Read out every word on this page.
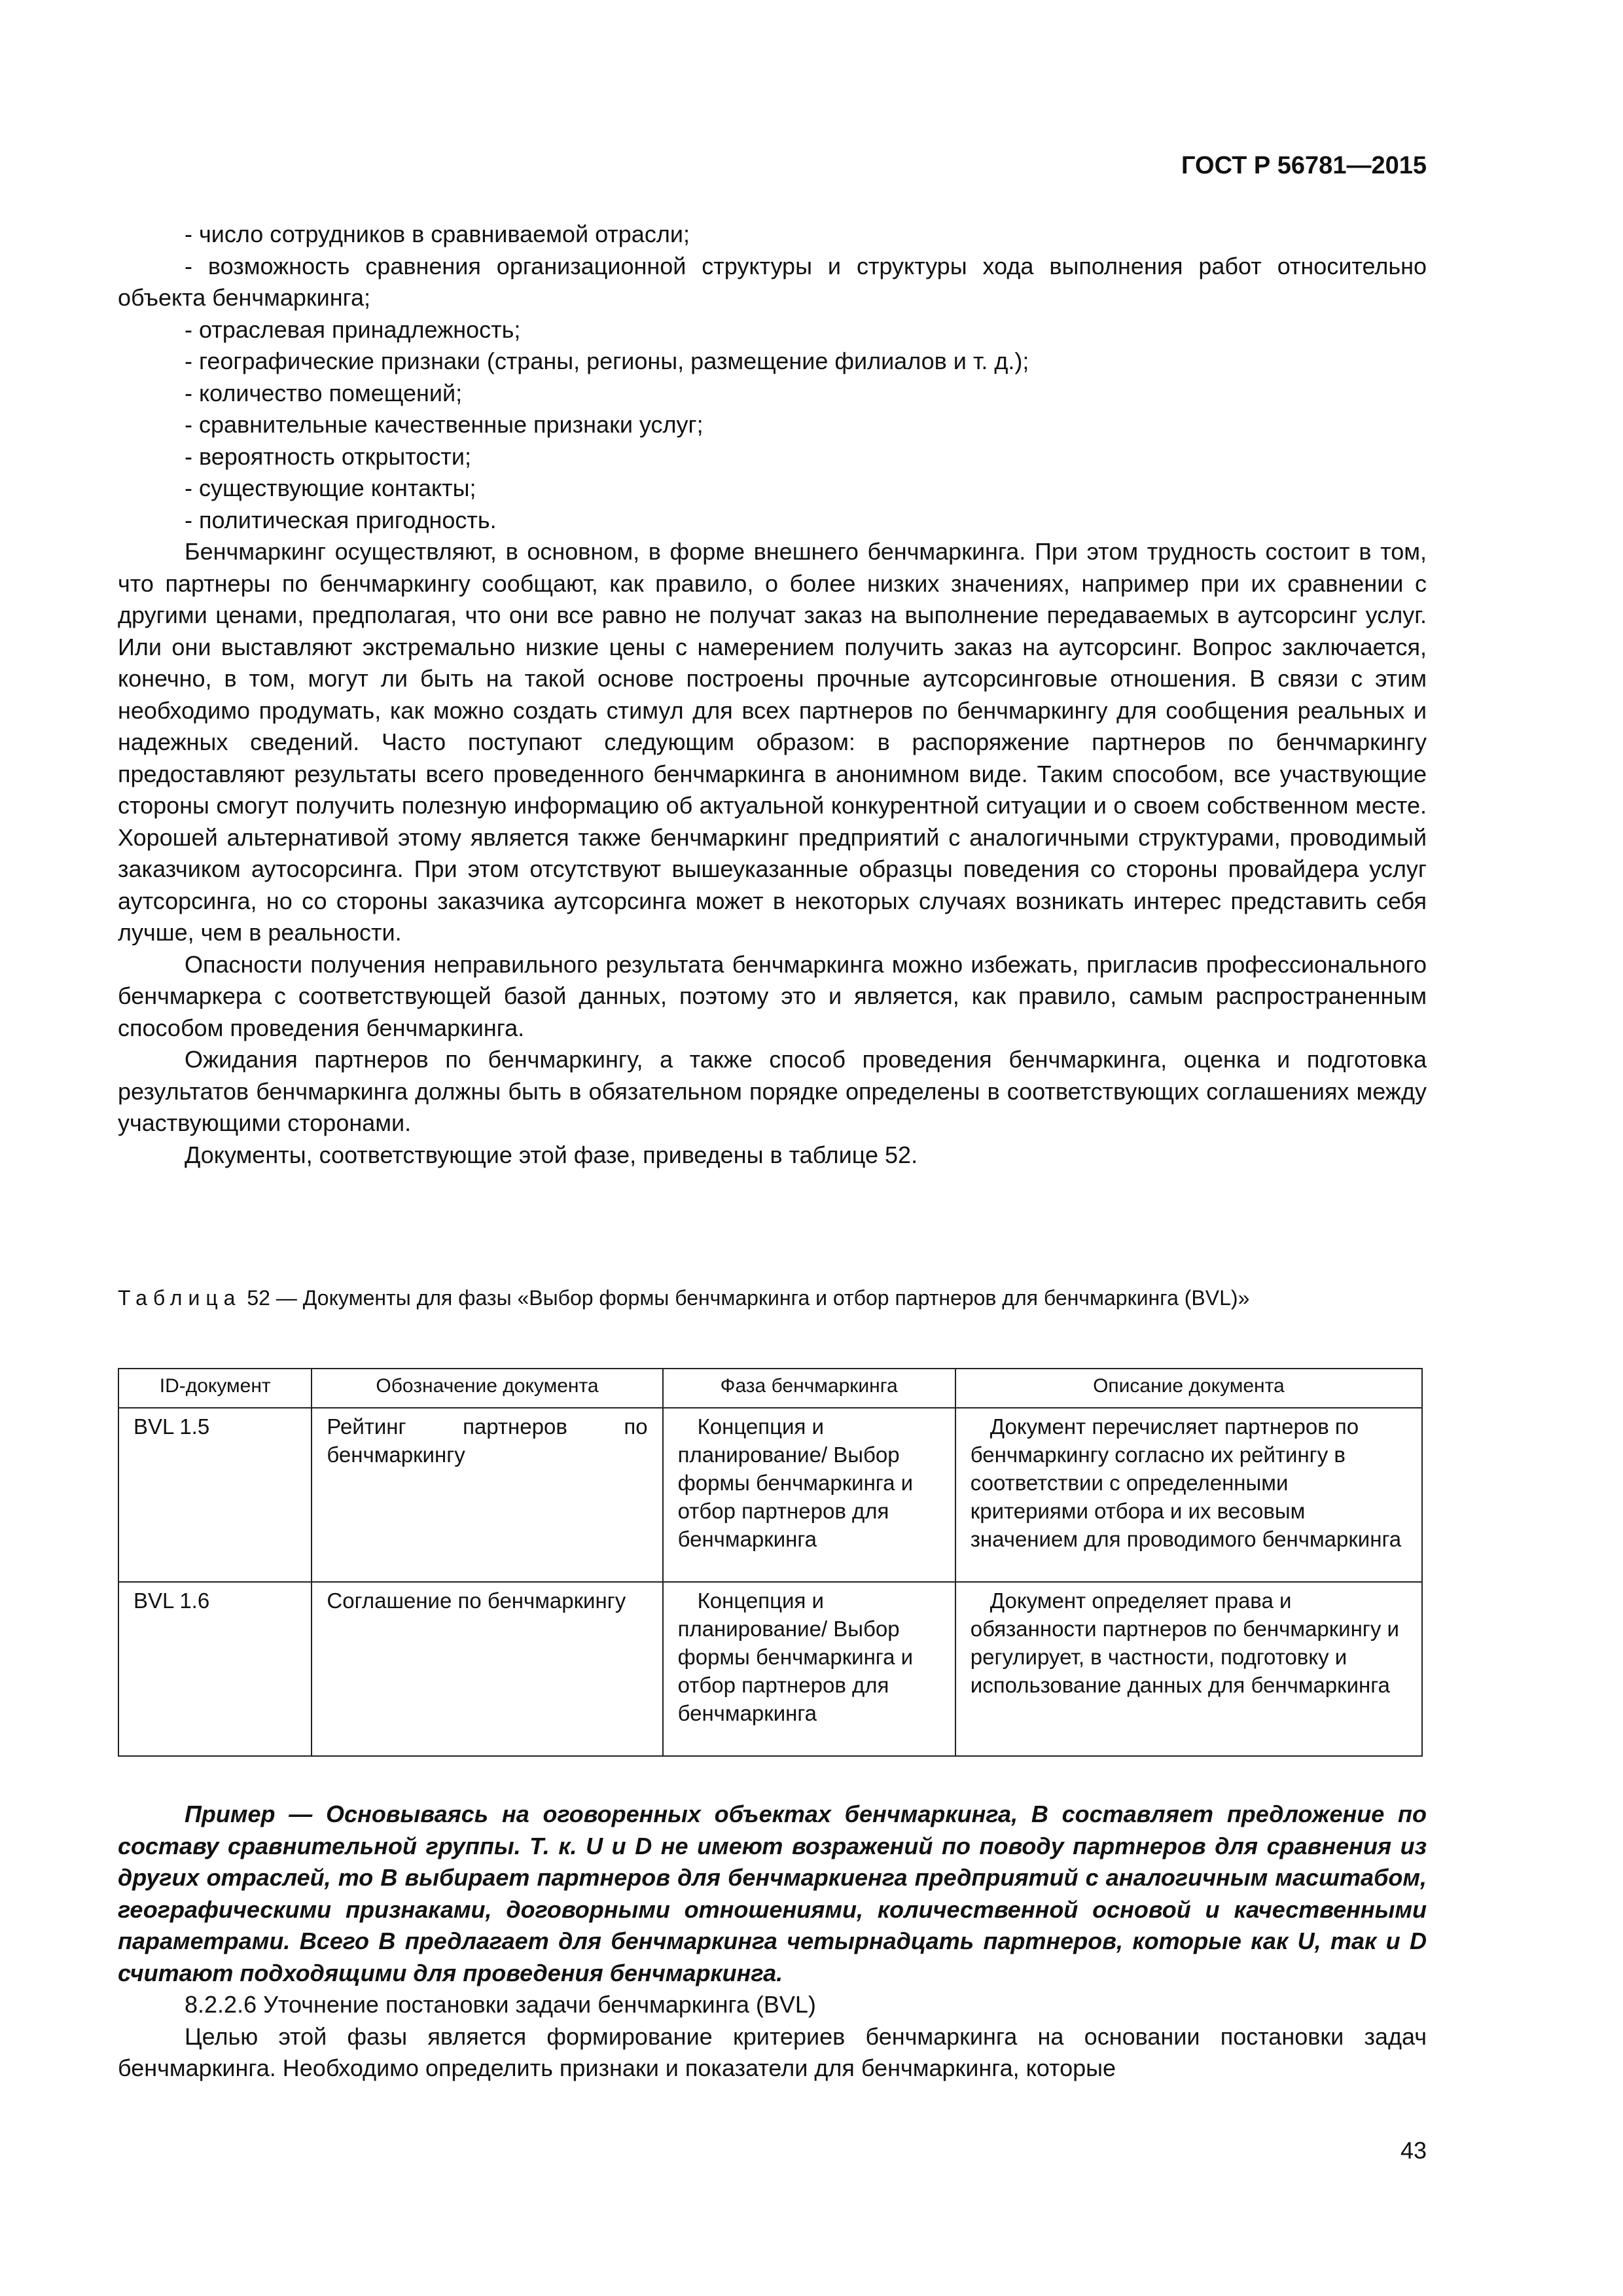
ГОСТ Р 56781—2015

- число сотрудников в сравниваемой отрасли;

- возможность сравнения организационной структуры и структуры хода выполнения работ относительно объекта бенчмаркинга;

- отраслевая принадлежность;

- географические признаки (страны, регионы, размещение филиалов и т. д.);

- количество помещений;

- сравнительные качественные признаки услуг;

- вероятность открытости;

- существующие контакты;

- политическая пригодность.

Бенчмаркинг осуществляют, в основном, в форме внешнего бенчмаркинга. При этом трудность состоит в том, что партнеры по бенчмаркингу сообщают, как правило, о более низких значениях, например при их сравнении с другими ценами, предполагая, что они все равно не получат заказ на выполнение передаваемых в аутсорсинг услуг. Или они выставляют экстремально низкие цены с намерением получить заказ на аутсорсинг. Вопрос заключается, конечно, в том, могут ли быть на такой основе построены прочные аутсорсинговые отношения. В связи с этим необходимо продумать, как можно создать стимул для всех партнеров по бенчмаркингу для сообщения реальных и надежных сведений. Часто поступают следующим образом: в распоряжение партнеров по бенчмаркингу предоставляют результаты всего проведенного бенчмаркинга в анонимном виде. Таким способом, все участвующие стороны смогут получить полезную информацию об актуальной конкурентной ситуации и о своем собственном месте. Хорошей альтернативой этому является также бенчмаркинг предприятий с аналогичными структурами, проводимый заказчиком аутосорсинга. При этом отсутствуют вышеуказанные образцы поведения со стороны провайдера услуг аутсорсинга, но со стороны заказчика аутсорсинга может в некоторых случаях возникать интерес представить себя лучше, чем в реальности.

Опасности получения неправильного результата бенчмаркинга можно избежать, пригласив профессионального бенчмаркера с соответствующей базой данных, поэтому это и является, как правило, самым распространенным способом проведения бенчмаркинга.

Ожидания партнеров по бенчмаркингу, а также способ проведения бенчмаркинга, оценка и подготовка результатов бенчмаркинга должны быть в обязательном порядке определены в соответствующих соглашениях между участвующими сторонами.

Документы, соответствующие этой фазе, приведены в таблице 52.

Таблица 52 — Документы для фазы «Выбор формы бенчмаркинга и отбор партнеров для бенчмаркинга (BVL)»
ID-документ	Обозначение документа	Фаза бенчмаркинга	Описание документа
BVL 1.5	Рейтинг партнеров по бенчмаркингу	Концепция и планирование/ Выбор формы бенчмаркинга и отбор партнеров для бенчмаркинга	Документ перечисляет партнеров по бенчмаркингу согласно их рейтингу в соответствии с определенными критериями отбора и их весовым значением для проводимого бенчмаркинга
BVL 1.6	Соглашение по бенчмаркингу	Концепция и планирование/ Выбор формы бенчмаркинга и отбор партнеров для бенчмаркинга	Документ определяет права и обязанности партнеров по бенчмаркингу и регулирует, в частности, подготовку и использование данных для бенчмаркинга

Пример — Основываясь на оговоренных объектах бенчмаркинга, B составляет предложение по составу сравнительной группы. Т. к. U и D не имеют возражений по поводу партнеров для сравнения из других отраслей, то B выбирает партнеров для бенчмаркиенга предприятий с аналогичным масштабом, географическими признаками, договорными отношениями, количественной основой и качественными параметрами. Всего B предлагает для бенчмаркинга четырнадцать партнеров, которые как U, так и D считают подходящими для проведения бенчмаркинга.

8.2.2.6 Уточнение постановки задачи бенчмаркинга (BVL)

Целью этой фазы является формирование критериев бенчмаркинга на основании постановки задач бенчмаркинга. Необходимо определить признаки и показатели для бенчмаркинга, которые

43
